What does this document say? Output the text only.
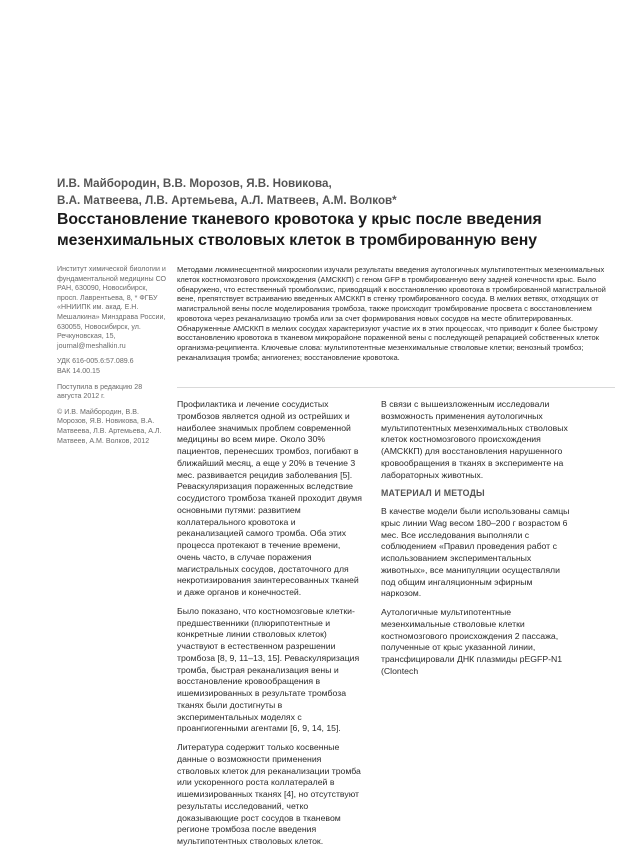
И.В. Майбородин, В.В. Морозов, Я.В. Новикова,
В.А. Матвеева, Л.В. Артемьева, А.Л. Матвеев, А.М. Волков*
Восстановление тканевого кровотока у крыс после введения мезенхимальных стволовых клеток в тромбированную вену

Институт химической биологии и фундаментальной медицины СО РАН, 630090, Новосибирск, просп. Лаврентьева, 8, * ФГБУ «ННИИПК им. акад. Е.Н. Мешалкина» Минздрава России, 630055, Новосибирск, ул. Речкуновская, 15, journal@meshalkin.ru

УДК 616-005.6:57.089.6
ВАК 14.00.15

Поступила в редакцию 28 августа 2012 г.

© И.В. Майбородин, В.В. Морозов, Я.В. Новикова, В.А. Матвеева, Л.В. Артемьева, А.Л. Матвеев, А.М. Волков, 2012

Методами люминесцентной микроскопии изучали результаты введения аутологичных мультипотентных мезенхимальных клеток костномозгового происхождения (АМСККП) с геном GFP в тромбированную вену задней конечности крыс. Было обнаружено, что естественный тромболизис, приводящий к восстановлению кровотока в тромбированной магистральной вене, препятствует встраиванию введенных АМСККП в стенку тромбированного сосуда. В мелких ветвях, отходящих от магистральной вены после моделирования тромбоза, также происходит тромбирование просвета с восстановлением кровотока через реканализацию тромба или за счет формирования новых сосудов на месте облитерированных. Обнаруженные АМСККП в мелких сосудах характеризуют участие их в этих процессах, что приводит к более быстрому восстановлению кровотока в тканевом микрорайоне пораженной вены с последующей репарацией собственных клеток организма-реципиента. Ключевые слова: мультипотентные мезенхимальные стволовые клетки; венозный тромбоз; реканализация тромба; ангиогенез; восстановление кровотока.

Профилактика и лечение сосудистых тромбозов является одной из острейших и наиболее значимых проблем современной медицины во всем мире. Около 30% пациентов, перенесших тромбоз, погибают в ближайший месяц, а еще у 20% в течение 3 мес. развивается рецидив заболевания [5]. Реваскуляризация пораженных вследствие сосудистого тромбоза тканей проходит двумя основными путями: развитием коллатерального кровотока и реканализацией самого тромба. Оба этих процесса протекают в течение времени, очень часто, в случае поражения магистральных сосудов, достаточного для некротизирования заинтересованных тканей и даже органов и конечностей.

Было показано, что костномозговые клетки-предшественники (плюрипотентные и конкретные линии стволовых клеток) участвуют в естественном разрешении тромбоза [8, 9, 11–13, 15]. Реваскуляризация тромба, быстрая реканализация вены и восстановление кровообращения в ишемизированных в результате тромбоза тканях были достигнуты в экспериментальных моделях с проангиогенными агентами [6, 9, 14, 15].

Литература содержит только косвенные данные о возможности применения стволовых клеток для реканализации тромба или ускоренного роста коллатералей в ишемизированных тканях [4], но отсутствуют результаты исследований, четко доказывающие рост сосудов в тканевом регионе тромбоза после введения мультипотентных стволовых клеток.

В связи с вышеизложенным исследовали возможность применения аутологичных мультипотентных мезенхимальных стволовых клеток костномозгового происхождения (АМСККП) для восстановления нарушенного кровообращения в тканях в эксперименте на лабораторных животных.

МАТЕРИАЛ И МЕТОДЫ

В качестве модели были использованы самцы крыс линии Wag весом 180–200 г возрастом 6 мес. Все исследования выполняли с соблюдением «Правил проведения работ с использованием экспериментальных животных», все манипуляции осуществляли под общим ингаляционным эфирным наркозом.

Аутологичные мультипотентные мезенхимальные стволовые клетки костномозгового происхождения 2 пассажа, полученные от крыс указанной линии, трансфицировали ДНК плазмиды pEGFP-N1 (Clontech
